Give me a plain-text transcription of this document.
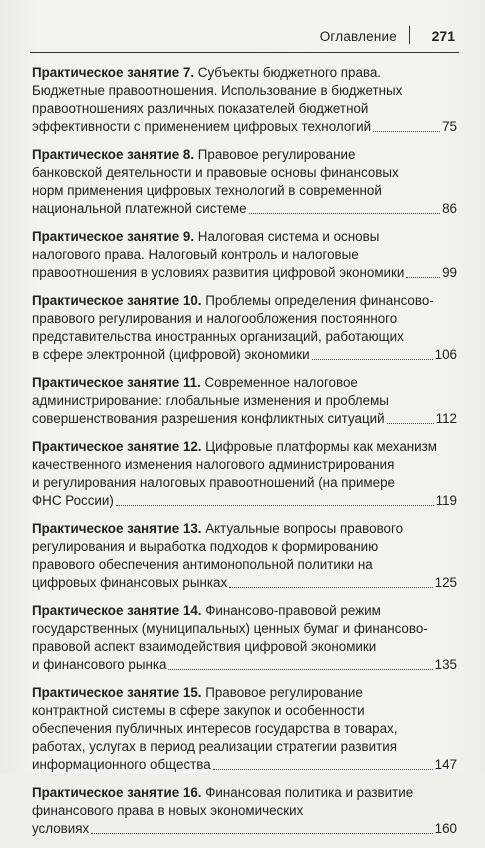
Оглавление 271
Практическое занятие 7. Субъекты бюджетного права.
Бюджетные правоотношения. Использование в бюджетных
правоотношениях различных показателей бюджетной
эффективности с применением цифровых технологий	75
Практическое занятие 8. Правовое регулирование
банковской деятельности и правовые основы финансовых
норм применения цифровых технологий в современной
национальной платежной системе	86
Практическое занятие 9. Налоговая система и основы
налогового права. Налоговый контроль и налоговые
правоотношения в условиях развития цифровой экономики	99
Практическое занятие 10. Проблемы определения финансово-
правового регулирования и налогообложения постоянного
представительства иностранных организаций, работающих
в сфере электронной (цифровой) экономики	106
Практическое занятие 11. Современное налоговое
администрирование: глобальные изменения и проблемы
совершенствования разрешения конфликтных ситуаций	112
Практическое занятие 12. Цифровые платформы как механизм
качественного изменения налогового администрирования
и регулирования налоговых правоотношений (на примере
ФНС России)	119
Практическое занятие 13. Актуальные вопросы правового
регулирования и выработка подходов к формированию
правового обеспечения антимонопольной политики на
цифровых финансовых рынках	125
Практическое занятие 14. Финансово-правовой режим
государственных (муниципальных) ценных бумаг и финансово-
правовой аспект взаимодействия цифровой экономики
и финансового рынка	135
Практическое занятие 15. Правовое регулирование
контрактной системы в сфере закупок и особенности
обеспечения публичных интересов государства в товарах,
работах, услугах в период реализации стратегии развития
информационного общества	147
Практическое занятие 16. Финансовая политика и развитие
финансового права в новых экономических
условиях	160
